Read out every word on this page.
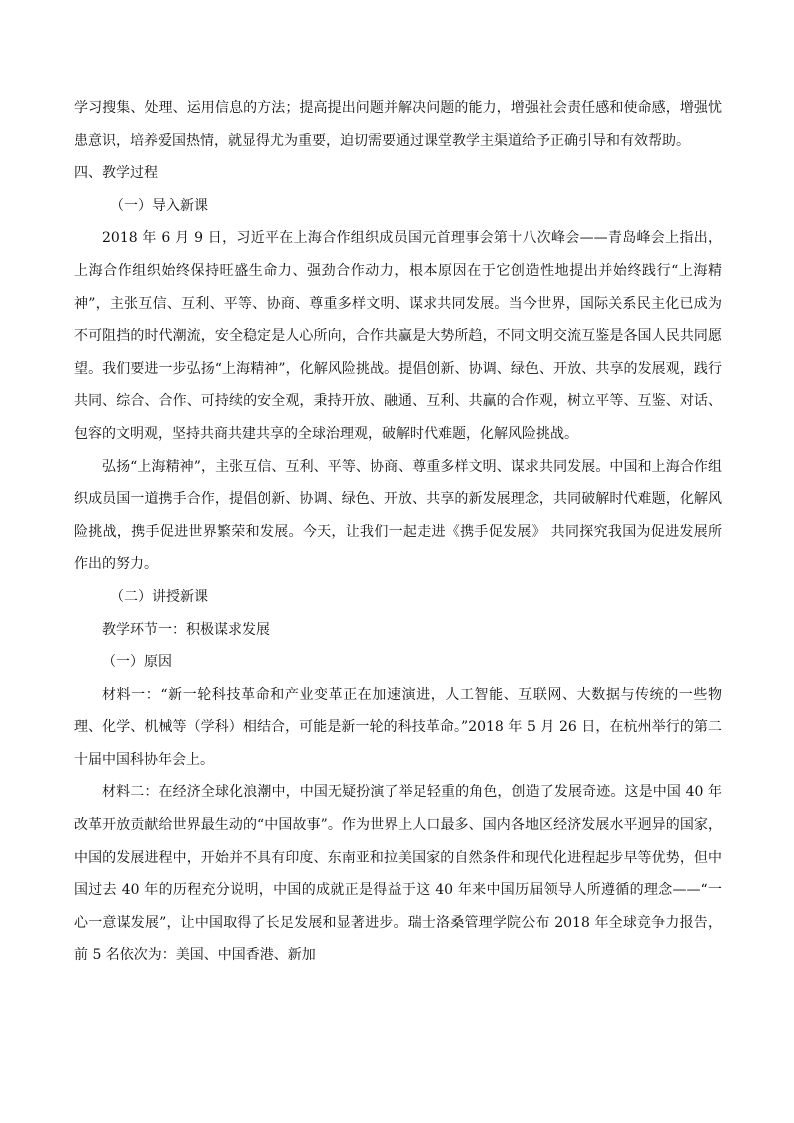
学习搜集、处理、运用信息的方法；提高提出问题并解决问题的能力，增强社会责任感和使命感，增强忧患意识，培养爱国热情，就显得尤为重要，迫切需要通过课堂教学主渠道给予正确引导和有效帮助。

四、教学过程

（一）导入新课

2018 年 6 月 9 日，习近平在上海合作组织成员国元首理事会第十八次峰会——青岛峰会上指出，上海合作组织始终保持旺盛生命力、强劲合作动力，根本原因在于它创造性地提出并始终践行“上海精神”，主张互信、互利、平等、协商、尊重多样文明、谋求共同发展。当今世界，国际关系民主化已成为不可阻挡的时代潮流，安全稳定是人心所向，合作共赢是大势所趋，不同文明交流互鉴是各国人民共同愿望。我们要进一步弘扬“上海精神”，化解风险挑战。提倡创新、协调、绿色、开放、共享的发展观，践行共同、综合、合作、可持续的安全观，秉持开放、融通、互利、共赢的合作观，树立平等、互鉴、对话、包容的文明观，坚持共商共建共享的全球治理观，破解时代难题，化解风险挑战。

弘扬“上海精神”，主张互信、互利、平等、协商、尊重多样文明、谋求共同发展。中国和上海合作组织成员国一道携手合作，提倡创新、协调、绿色、开放、共享的新发展理念，共同破解时代难题，化解风险挑战，携手促进世界繁荣和发展。今天，让我们一起走进《携手促发展》 共同探究我国为促进发展所作出的努力。

（二）讲授新课

教学环节一：积极谋求发展

（一）原因

材料一：“新一轮科技革命和产业变革正在加速演进，人工智能、互联网、大数据与传统的一些物理、化学、机械等（学科）相结合，可能是新一轮的科技革命。”2018 年 5 月 26 日，在杭州举行的第二十届中国科协年会上。

材料二：在经济全球化浪潮中，中国无疑扮演了举足轻重的角色，创造了发展奇迹。这是中国 40 年改革开放贡献给世界最生动的“中国故事”。作为世界上人口最多、国内各地区经济发展水平迥异的国家，中国的发展进程中，开始并不具有印度、东南亚和拉美国家的自然条件和现代化进程起步早等优势，但中国过去 40 年的历程充分说明，中国的成就正是得益于这 40 年来中国历届领导人所遵循的理念——“一心一意谋发展”，让中国取得了长足发展和显著进步。瑞士洛桑管理学院公布 2018 年全球竞争力报告，前 5 名依次为：美国、中国香港、新加
